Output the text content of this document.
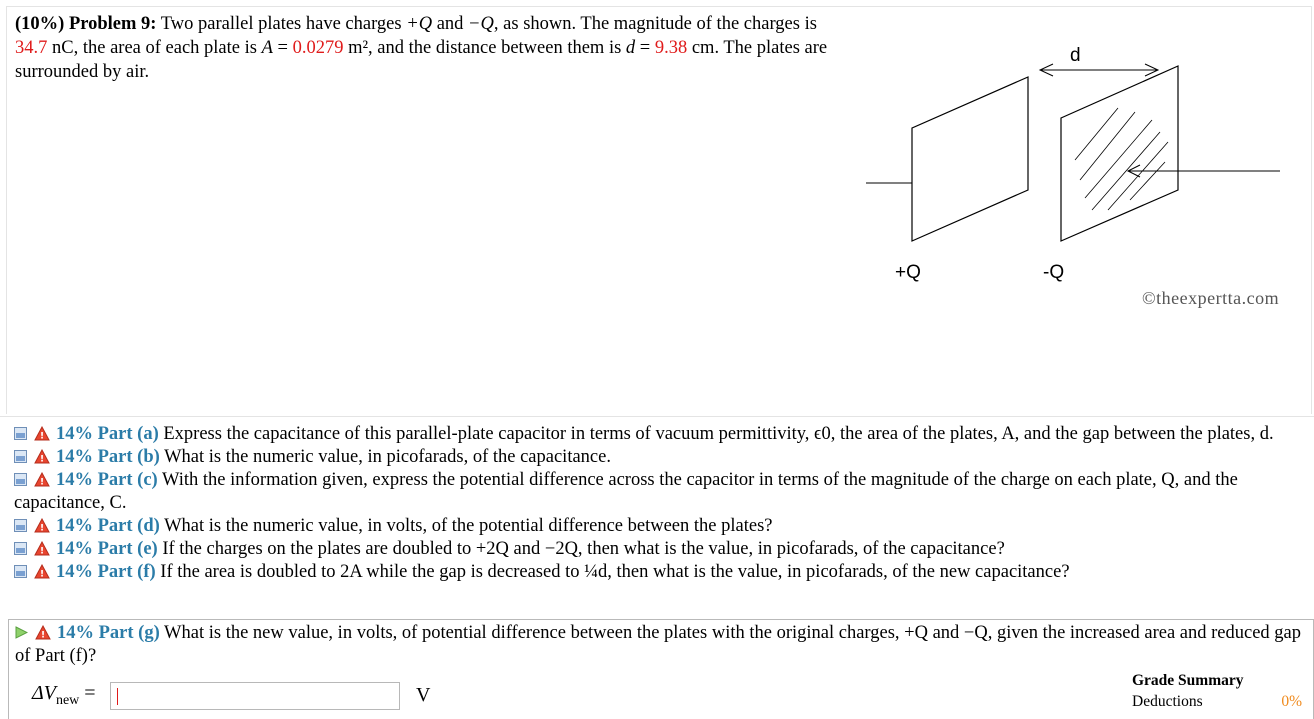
(10%) Problem 9: Two parallel plates have charges +Q and −Q, as shown. The magnitude of the charges is 34.7 nC, the area of each plate is A = 0.0279 m², and the distance between them is d = 9.38 cm. The plates are surrounded by air.
d
+Q	-Q
©theexpertta.com
! 14% Part (a) Express the capacitance of this parallel-plate capacitor in terms of vacuum permittivity, ϵ0, the area of the plates, A, and the gap between the plates, d.
! 14% Part (b) What is the numeric value, in picofarads, of the capacitance.
! 14% Part (c) With the information given, express the potential difference across the capacitor in terms of the magnitude of the charge on each plate, Q, and the capacitance, C.
! 14% Part (d) What is the numeric value, in volts, of the potential difference between the plates?
! 14% Part (e) If the charges on the plates are doubled to +2Q and −2Q, then what is the value, in picofarads, of the capacitance?
! 14% Part (f) If the area is doubled to 2A while the gap is decreased to ¼d, then what is the value, in picofarads, of the new capacitance?
! 14% Part (g) What is the new value, in volts, of potential difference between the plates with the original charges, +Q and −Q, given the increased area and reduced gap of Part (f)?
$\Delta V_{new}$ =	V
Grade Summary
Deductions	0%
